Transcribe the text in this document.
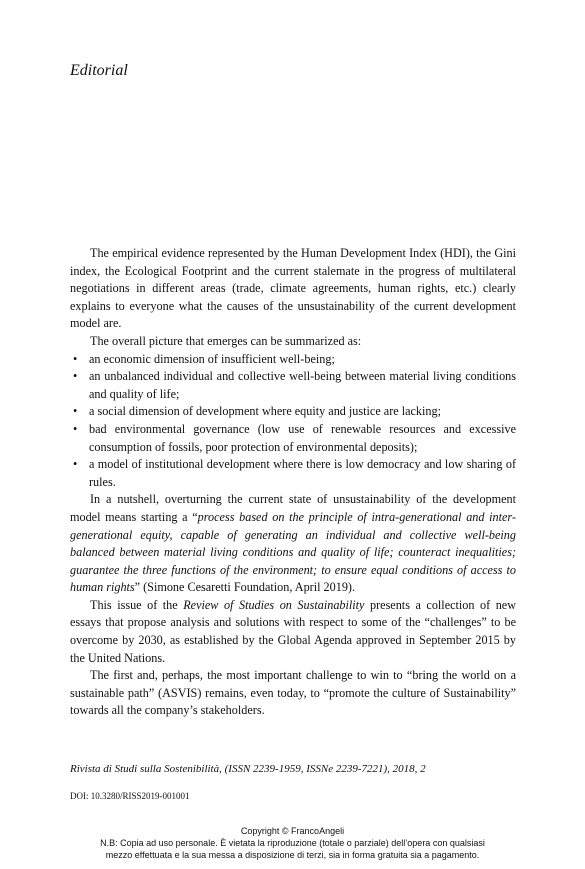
Editorial

The empirical evidence represented by the Human Development Index (HDI), the Gini index, the Ecological Footprint and the current stalemate in the progress of multilateral negotiations in different areas (trade, climate agreements, human rights, etc.) clearly explains to everyone what the causes of the unsustainability of the current development model are.

The overall picture that emerges can be summarized as:

• an economic dimension of insufficient well-being;
• an unbalanced individual and collective well-being between material living conditions and quality of life;
• a social dimension of development where equity and justice are lacking;
• bad environmental governance (low use of renewable resources and excessive consumption of fossils, poor protection of environmental deposits);
• a model of institutional development where there is low democracy and low sharing of rules.

In a nutshell, overturning the current state of unsustainability of the development model means starting a “process based on the principle of intra-generational and inter-generational equity, capable of generating an individual and collective well-being balanced between material living conditions and quality of life; counteract inequalities; guarantee the three functions of the environment; to ensure equal conditions of access to human rights” (Simone Cesaretti Foundation, April 2019).

This issue of the Review of Studies on Sustainability presents a collection of new essays that propose analysis and solutions with respect to some of the “challenges” to be overcome by 2030, as established by the Global Agenda approved in September 2015 by the United Nations.

The first and, perhaps, the most important challenge to win to “bring the world on a sustainable path” (ASVIS) remains, even today, to “promote the culture of Sustainability” towards all the company’s stakeholders.

Rivista di Studi sulla Sostenibilità, (ISSN 2239-1959, ISSNe 2239-7221), 2018, 2
DOI: 10.3280/RISS2019-001001
Copyright © FrancoAngeli
N.B: Copia ad uso personale. È vietata la riproduzione (totale o parziale) dell’opera con qualsiasi
mezzo effettuata e la sua messa a disposizione di terzi, sia in forma gratuita sia a pagamento.
